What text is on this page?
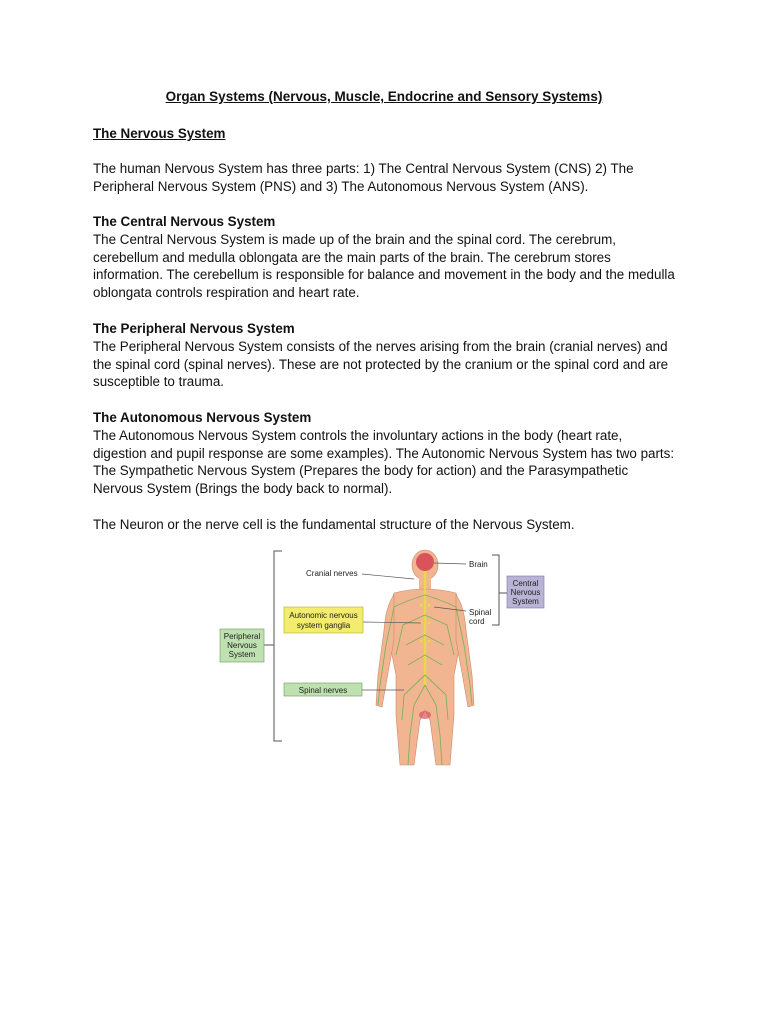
Organ Systems (Nervous, Muscle, Endocrine and Sensory Systems)
The Nervous System
The human Nervous System has three parts: 1) The Central Nervous System (CNS) 2) The Peripheral Nervous System (PNS) and 3) The Autonomous Nervous System (ANS).
The Central Nervous System
The Central Nervous System is made up of the brain and the spinal cord. The cerebrum, cerebellum and medulla oblongata are the main parts of the brain. The cerebrum stores information. The cerebellum is responsible for balance and movement in the body and the medulla oblongata controls respiration and heart rate.
The Peripheral Nervous System
The Peripheral Nervous System consists of the nerves arising from the brain (cranial nerves) and the spinal cord (spinal nerves). These are not protected by the cranium or the spinal cord and are susceptible to trauma.
The Autonomous Nervous System
The Autonomous Nervous System controls the involuntary actions in the body (heart rate, digestion and pupil response are some examples). The Autonomic Nervous System has two parts: The Sympathetic Nervous System (Prepares the body for action) and the Parasympathetic Nervous System (Brings the body back to normal).
The Neuron or the nerve cell is the fundamental structure of the Nervous System.
Cranial nerves
Brain
Central
Nervous
System
Autonomic nervous
system ganglia
Spinal
cord
Peripheral
Nervous
System
Spinal nerves
